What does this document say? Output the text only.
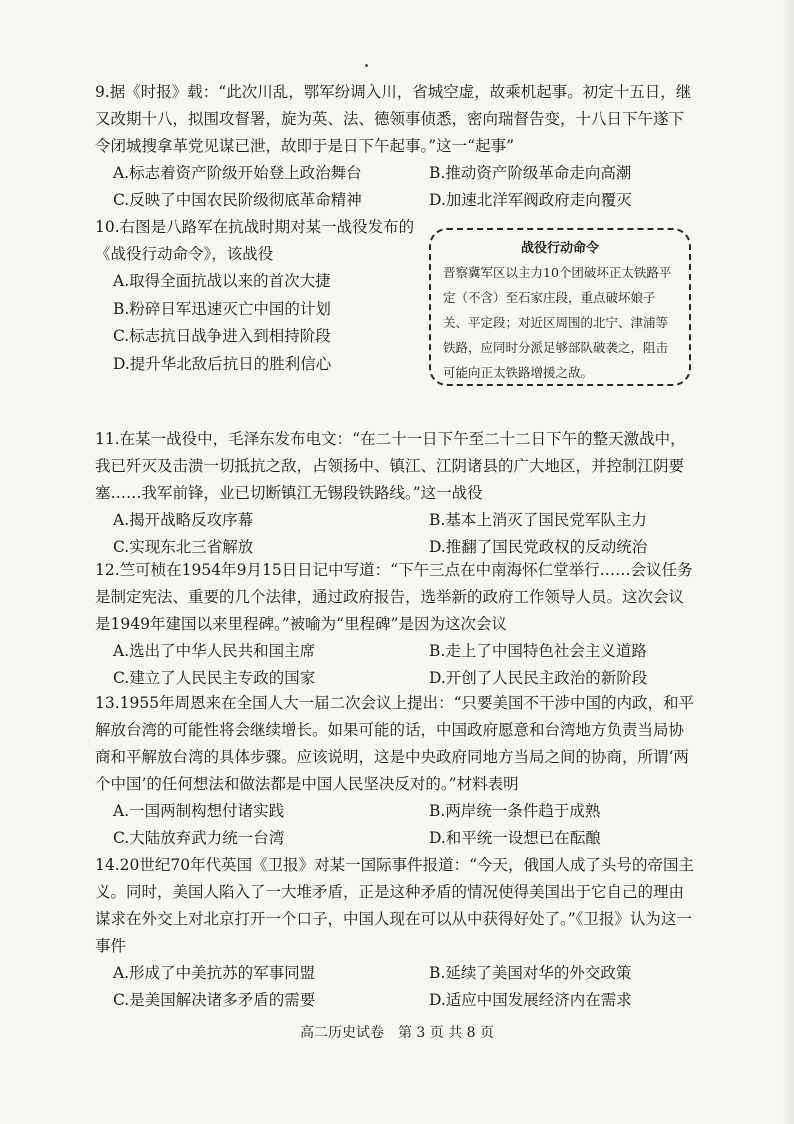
9.据《时报》载：“此次川乱，鄂军纷调入川，省城空虚，故乘机起事。初定十五日，继又改期十八，拟围攻督署，旋为英、法、德领事侦悉，密向瑞督告变，十八日下午遂下令闭城搜拿革党见谋已泄，故即于是日下午起事。”这一“起事”
A.标志着资产阶级开始登上政治舞台	B.推动资产阶级革命走向高潮
C.反映了中国农民阶级彻底革命精神	D.加速北洋军阀政府走向覆灭
10.右图是八路军在抗战时期对某一战役发布的《战役行动命令》，该战役
A.取得全面抗战以来的首次大捷
B.粉碎日军迅速灭亡中国的计划
C.标志抗日战争进入到相持阶段
D.提升华北敌后抗日的胜利信心
战役行动命令
晋察冀军区以主力10个团破坏正太铁路平定（不含）至石家庄段，重点破坏娘子关、平定段；对近区周围的北宁、津浦等铁路，应同时分派足够部队破袭之，阻击可能向正太铁路增援之敌。
11.在某一战役中，毛泽东发布电文：“在二十一日下午至二十二日下午的整天激战中，我已歼灭及击溃一切抵抗之敌，占领扬中、镇江、江阴诸县的广大地区，并控制江阴要塞……我军前锋，业已切断镇江无锡段铁路线。”这一战役
A.揭开战略反攻序幕	B.基本上消灭了国民党军队主力
C.实现东北三省解放	D.推翻了国民党政权的反动统治
12.竺可桢在1954年9月15日日记中写道：“下午三点在中南海怀仁堂举行……会议任务是制定宪法、重要的几个法律，通过政府报告，选举新的政府工作领导人员。这次会议是1949年建国以来里程碑。”被喻为“里程碑”是因为这次会议
A.选出了中华人民共和国主席	B.走上了中国特色社会主义道路
C.建立了人民民主专政的国家	D.开创了人民民主政治的新阶段
13.1955年周恩来在全国人大一届二次会议上提出：“只要美国不干涉中国的内政，和平解放台湾的可能性将会继续增长。如果可能的话，中国政府愿意和台湾地方负责当局协商和平解放台湾的具体步骤。应该说明，这是中央政府同地方当局之间的协商，所谓‘两个中国’的任何想法和做法都是中国人民坚决反对的。”材料表明
A.一国两制构想付诸实践	B.两岸统一条件趋于成熟
C.大陆放弃武力统一台湾	D.和平统一设想已在酝酿
14.20世纪70年代英国《卫报》对某一国际事件报道：“今天，俄国人成了头号的帝国主义。同时，美国人陷入了一大堆矛盾，正是这种矛盾的情况使得美国出于它自己的理由谋求在外交上对北京打开一个口子，中国人现在可以从中获得好处了。”《卫报》认为这一事件
A.形成了中美抗苏的军事同盟	B.延续了美国对华的外交政策
C.是美国解决诸多矛盾的需要	D.适应中国发展经济内在需求
高二历史试卷　第 3 页 共 8 页
